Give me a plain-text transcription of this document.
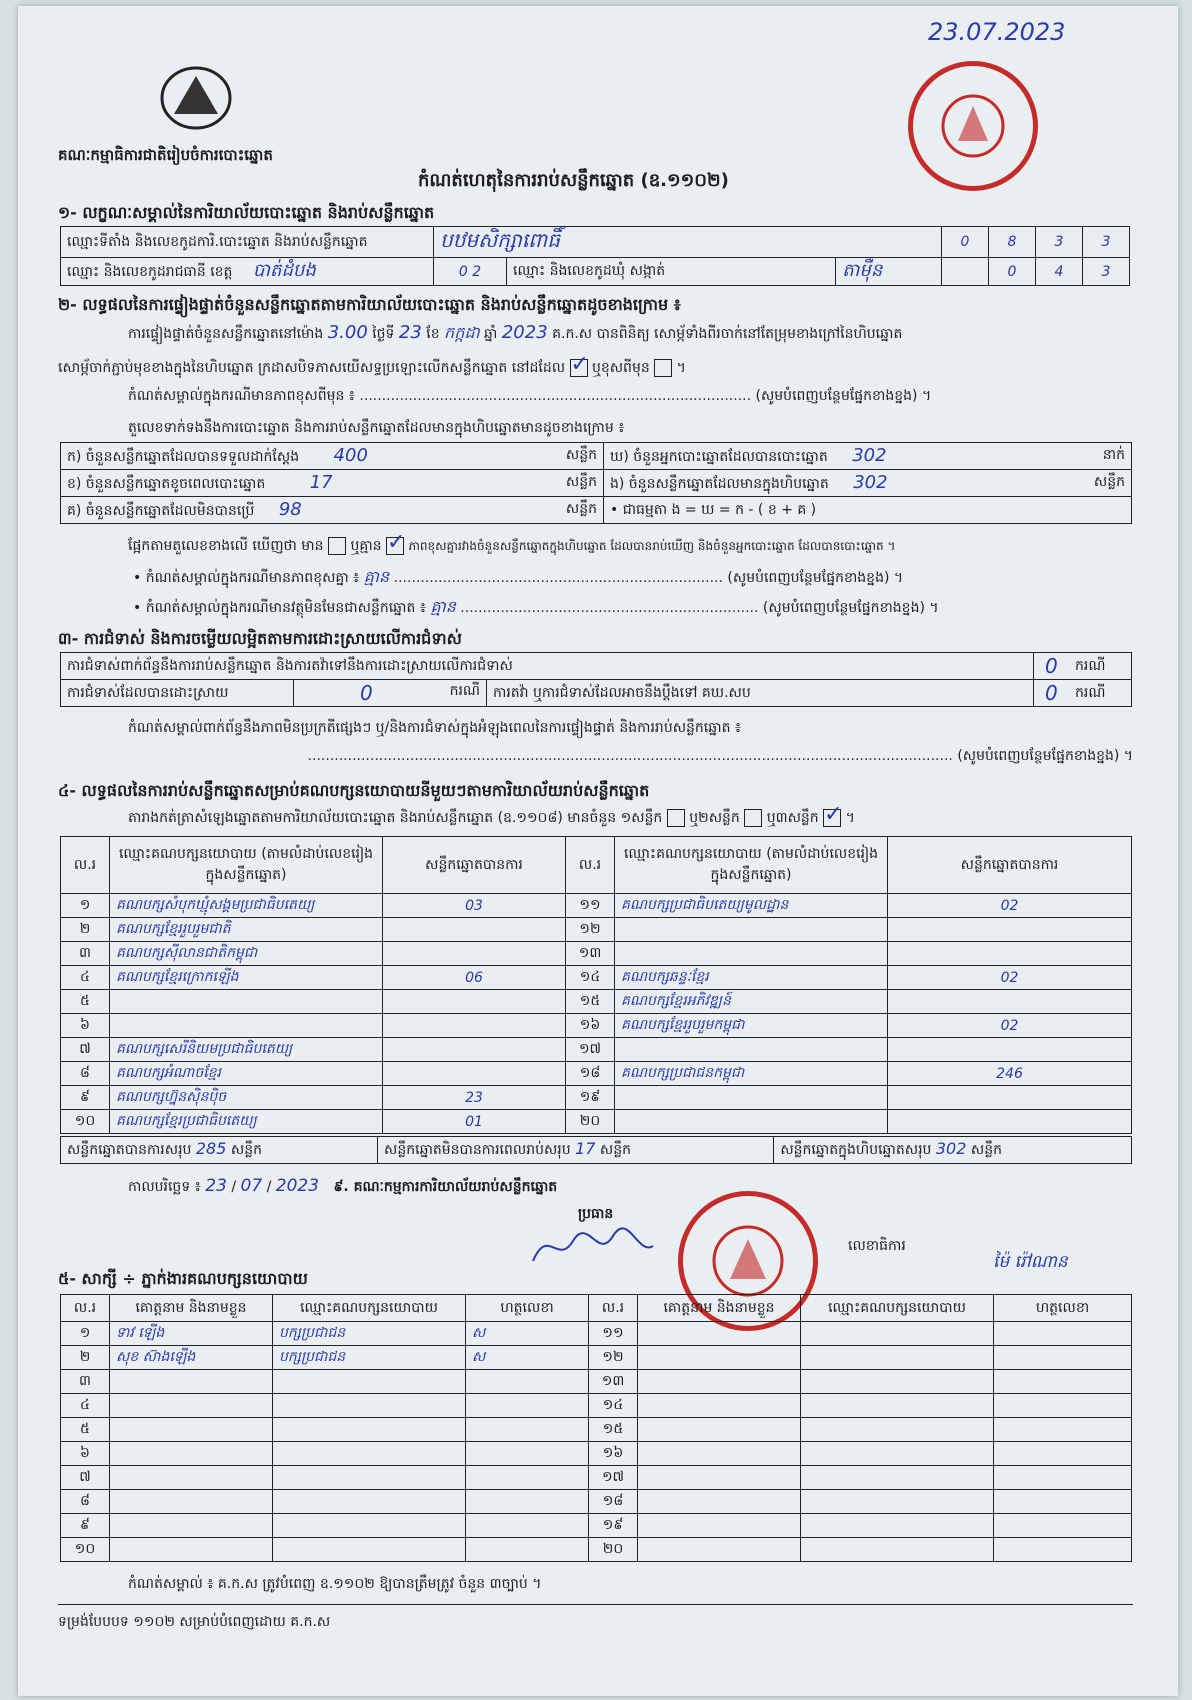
23.07.2023
គណៈកម្មាធិការជាតិរៀបចំការបោះឆ្នោត
កំណត់ហេតុនៃការរាប់សន្លឹកឆ្នោត (ឧ.១១០២)
១- លក្ខណៈសម្គាល់នៃការិយាល័យបោះឆ្នោត និងរាប់សន្លឹកឆ្នោត
ឈ្មោះទីតាំង និងលេខកូដការិ.បោះឆ្នោត និងរាប់សន្លឹកឆ្នោត	បឋមសិក្សាពោធិ៍			0	8	3	3
ឈ្មោះ និងលេខកូដរាជធានី ខេត្ត បាត់ដំបង	0 2	ឈ្មោះ និងលេខកូដឃុំ សង្កាត់	តាម៉ឺន		0	4	3
២- លទ្ធផលនៃការផ្ទៀងផ្ទាត់ចំនួនសន្លឹកឆ្នោតតាមការិយាល័យបោះឆ្នោត និងរាប់សន្លឹកឆ្នោតដូចខាងក្រោម ៖
ការផ្ទៀងផ្ទាត់ចំនួនសន្លឹកឆ្នោតនៅម៉ោង 3.00 ថ្ងៃទី 23 ខែ កក្កដា ឆ្នាំ 2023 គ.ក.ស បានពិនិត្យ សោម្ភ័ទាំងពីរចាក់នៅតែម្រុមខាងក្រៅនៃហិបឆ្នោត
សោម្ភ័ចាក់ភ្ជាប់មុខខាងក្នុងនៃហិបឆ្នោត ក្រដាសបិទភាសយើសទ្ធប្រឡោះលើកសន្លឹកឆ្នោត នៅដដែល ✓ ឬខុសពីមុន  ។
កំណត់សម្គាល់ក្នុងករណីមានភាពខុសពីមុន ៖ ........................................................................................ (សូមបំពេញបន្ថែមផ្នែកខាងខ្នង) ។
តួលេខទាក់ទងនឹងការបោះឆ្នោត និងការរាប់សន្លឹកឆ្នោតដែលមានក្នុងហិបឆ្នោតមានដូចខាងក្រោម ៖
ក) ចំនួនសន្លឹកឆ្នោតដែលបានទទួលដាក់ស្តែង 400 សន្លឹក	ឃ) ចំនួនអ្នកបោះឆ្នោតដែលបានបោះឆ្នោត 302 នាក់

ខ) ចំនួនសន្លឹកឆ្នោតខូចពេលបោះឆ្នោត 17 សន្លឹក	ង) ចំនួនសន្លឹកឆ្នោតដែលមានក្នុងហិបឆ្នោត 302 សន្លឹក

គ) ចំនួនសន្លឹកឆ្នោតដែលមិនបានប្រើ 98 សន្លឹក	• ជាធម្មតា ង = ឃ = ក - ( ខ + គ )
ផ្អែកតាមតួលេខខាងលើ ឃើញថា មាន ឬគ្មាន ✓ ភាពខុសគ្នារវាងចំនួនសន្លឹកឆ្នោតក្នុងហិបឆ្នោត ដែលបានរាប់ឃើញ និងចំនួនអ្នកបោះឆ្នោត ដែលបានបោះឆ្នោត ។
• កំណត់សម្គាល់ក្នុងករណីមានភាពខុសគ្នា ៖ គ្មាន .......................................................................... (សូមបំពេញបន្ថែមផ្នែកខាងខ្នង) ។
• កំណត់សម្គាល់ក្នុងករណីមានវត្ថុមិនមែនជាសន្លឹកឆ្នោត ៖ គ្មាន ................................................................... (សូមបំពេញបន្ថែមផ្នែកខាងខ្នង) ។
៣- ការជំទាស់ និងការចម្លើយលម្អិតតាមការដោះស្រាយលើការជំទាស់
ការជំទាស់ពាក់ព័ន្ធនឹងការរាប់សន្លឹកឆ្នោត និងការតវ៉ាទៅនឹងការដោះស្រាយលើការជំទាស់			0	ករណី
ការជំទាស់ដែលបានដោះស្រាយ	0 ករណី	ការតវ៉ា ឬការជំទាស់ដែលអាចនឹងប្តឹងទៅ គឃ.សប	0	ករណី
កំណត់សម្គាល់ពាក់ព័ន្ធនឹងភាពមិនប្រក្រតីផ្សេងៗ ឬ/និងការជំទាស់ក្នុងអំឡុងពេលនៃការផ្ទៀងផ្ទាត់ និងការរាប់សន្លឹកឆ្នោត ៖
................................................................................................................................................. (សូមបំពេញបន្ថែមផ្នែកខាងខ្នង) ។
៤- លទ្ធផលនៃការរាប់សន្លឹកឆ្នោតសម្រាប់គណបក្សនយោបាយនីមួយៗតាមការិយាល័យរាប់សន្លឹកឆ្នោត
តារាងកត់ត្រាសំឡេងឆ្នោតតាមការិយាល័យបោះឆ្នោត និងរាប់សន្លឹកឆ្នោត (ឧ.១១០៨) មានចំនួន ១សន្លឹក ឬ២សន្លឹក ឬ៣សន្លឹក ✓ ។
ល.រ	ឈ្មោះគណបក្សនយោបាយ (តាមលំដាប់លេខរៀងក្នុងសន្លឹកឆ្នោត)	សន្លឹកឆ្នោតបានការ	ល.រ	ឈ្មោះគណបក្សនយោបាយ (តាមលំដាប់លេខរៀងក្នុងសន្លឹកឆ្នោត)	សន្លឹកឆ្នោតបានការ
១	គណបក្សសំបុកឃ្មុំសង្គមប្រជាធិបតេយ្យ	03	១១	គណបក្សប្រជាធិបតេយ្យមូលដ្ឋាន	02
២	គណបក្សខ្មែររួបរួមជាតិ		១២		
៣	គណបក្សស៊ីលានជាតិកម្ពុជា		១៣		
៤	គណបក្សខ្មែរក្រោកឡើង	06	១៤	គណបក្សឆន្ទៈខ្មែរ	02
៥			១៥	គណបក្សខ្មែរអភិវឌ្ឍន៍	
៦			១៦	គណបក្សខ្មែររួបរួមកម្ពុជា	02
៧	គណបក្សសេរីនិយមប្រជាធិបតេយ្យ		១៧		
៨	គណបក្សអំណាចខ្មែរ		១៨	គណបក្សប្រជាជនកម្ពុជា	246
៩	គណបក្សហ្វ៊ុនស៊ិនប៉ិច	23	១៩		
១០	គណបក្សខ្មែរប្រជាធិបតេយ្យ	01	២០		
សន្លឹកឆ្នោតបានការសរុប 285 សន្លឹក	សន្លឹកឆ្នោតមិនបានការពេលរាប់សរុប 17 សន្លឹក	សន្លឹកឆ្នោតក្នុងហិបឆ្នោតសរុប 302 សន្លឹក
កាលបរិច្ឆេទ ៖ 23 / 07 / 2023 ៩. គណៈកម្មការការិយាល័យរាប់សន្លឹកឆ្នោត
ប្រធាន
លេខាធិការ
ម៉ៃ រ៉ៅណាន
៥- សាក្សី ÷ ភ្នាក់ងារគណបក្សនយោបាយ
ល.រ	គោត្តនាម និងនាមខ្លួន	ឈ្មោះគណបក្សនយោបាយ	ហត្ថលេខា	ល.រ	គោត្តនាម និងនាមខ្លួន	ឈ្មោះគណបក្សនយោបាយ	ហត្ថលេខា
១	ទាវ ឡើង	បក្សប្រជាជន	ស	១១			
២	សុខ ស៊ាងឡើង	បក្សប្រជាជន	ស	១២			
៣				១៣			
៤				១៤			
៥				១៥			
៦				១៦			
៧				១៧			
៨				១៨			
៩				១៩			
១០				២០			
កំណត់សម្គាល់ ៖ គ.ក.ស ត្រូវបំពេញ ឧ.១១០២ ឱ្យបានត្រឹមត្រូវ ចំនួន ៣ច្បាប់ ។
ទម្រង់បែបបទ ១១០២ សម្រាប់បំពេញដោយ គ.ក.ស
